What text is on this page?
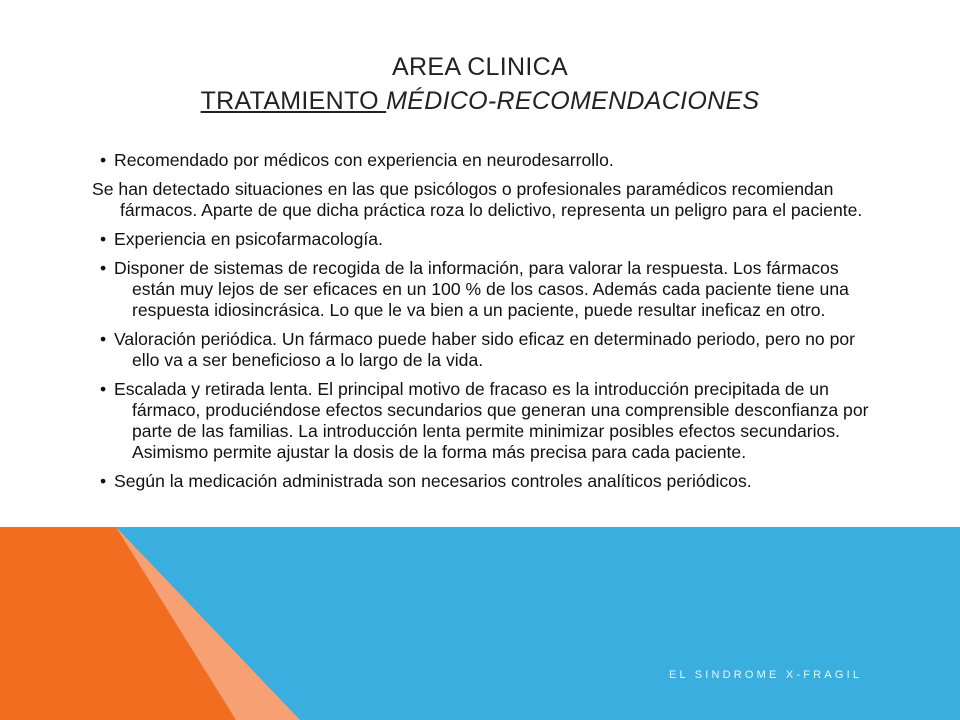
AREA CLINICA
TRATAMIENTO MÉDICO-RECOMENDACIONES

• Recomendado por médicos con experiencia en neurodesarrollo.

Se han detectado situaciones en las que psicólogos o profesionales paramédicos recomiendan fármacos. Aparte de que dicha práctica roza lo delictivo, representa un peligro para el paciente.

• Experiencia en psicofarmacología.

• Disponer de sistemas de recogida de la información, para valorar la respuesta. Los fármacos están muy lejos de ser eficaces en un 100 % de los casos. Además cada paciente tiene una respuesta idiosincrásica. Lo que le va bien a un paciente, puede resultar ineficaz en otro.

• Valoración periódica. Un fármaco puede haber sido eficaz en determinado periodo, pero no por ello va a ser beneficioso a lo largo de la vida.

• Escalada y retirada lenta. El principal motivo de fracaso es la introducción precipitada de un fármaco, produciéndose efectos secundarios que generan una comprensible desconfianza por parte de las familias. La introducción lenta permite minimizar posibles efectos secundarios. Asimismo permite ajustar la dosis de la forma más precisa para cada paciente.

• Según la medicación administrada son necesarios controles analíticos periódicos.

EL SINDROME X-FRAGIL
